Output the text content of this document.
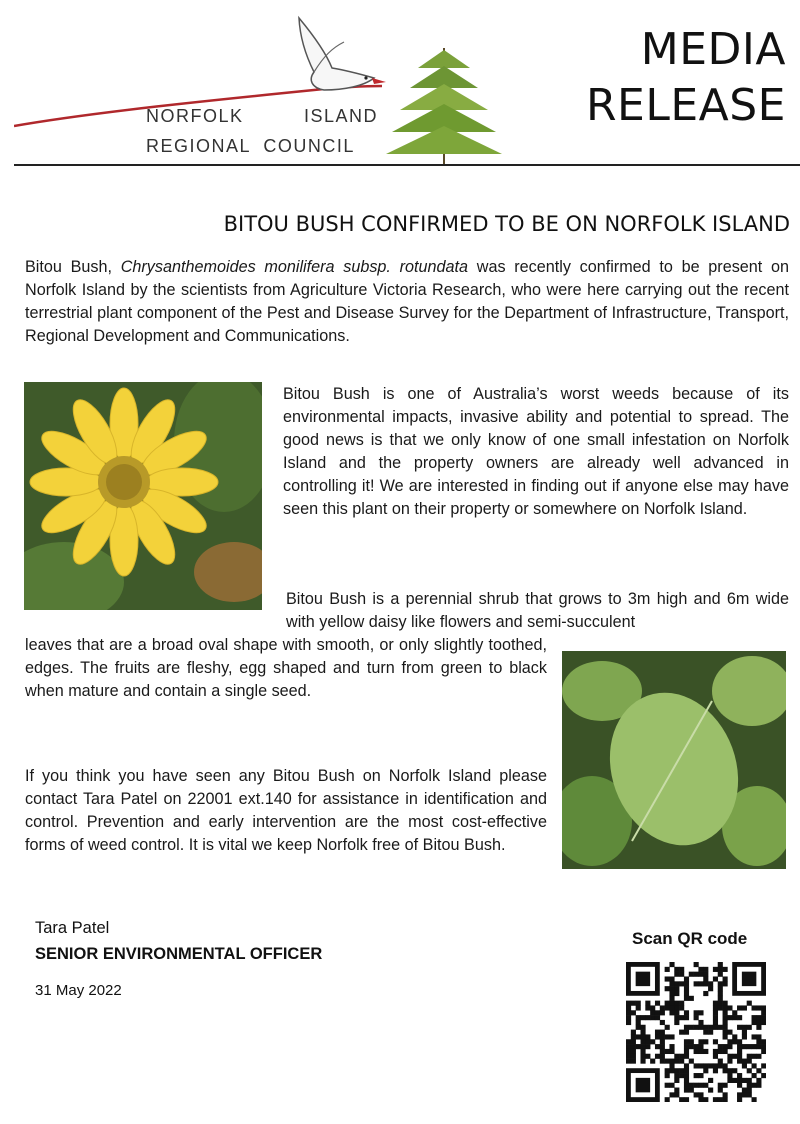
NORFOLK	ISLAND
REGIONAL  COUNCIL
MEDIA
RELEASE
BITOU BUSH CONFIRMED TO BE ON NORFOLK ISLAND
Bitou Bush, Chrysanthemoides monilifera subsp. rotundata was recently confirmed to be present on Norfolk Island by the scientists from Agriculture Victoria Research, who were here carrying out the recent terrestrial plant component of the Pest and Disease Survey for the Department of Infrastructure, Transport, Regional Development and Communications.
Bitou Bush is one of Australia’s worst weeds because of its environmental impacts, invasive ability and potential to spread. The good news is that we only know of one small infestation on Norfolk Island and the property owners are already well advanced in controlling it! We are interested in finding out if anyone else may have seen this plant on their property or somewhere on Norfolk Island.
Bitou Bush is a perennial shrub that grows to 3m high and 6m wide with yellow daisy like flowers and semi-succulent
leaves that are a broad oval shape with smooth, or only slightly toothed, edges. The fruits are fleshy, egg shaped and turn from green to black when mature and contain a single seed.
If you think you have seen any Bitou Bush on Norfolk Island please contact Tara Patel on 22001 ext.140 for assistance in identification and control. Prevention and early intervention are the most cost-effective forms of weed control. It is vital we keep Norfolk free of Bitou Bush.
Tara Patel
SENIOR ENVIRONMENTAL OFFICER
31 May 2022
Scan QR code
